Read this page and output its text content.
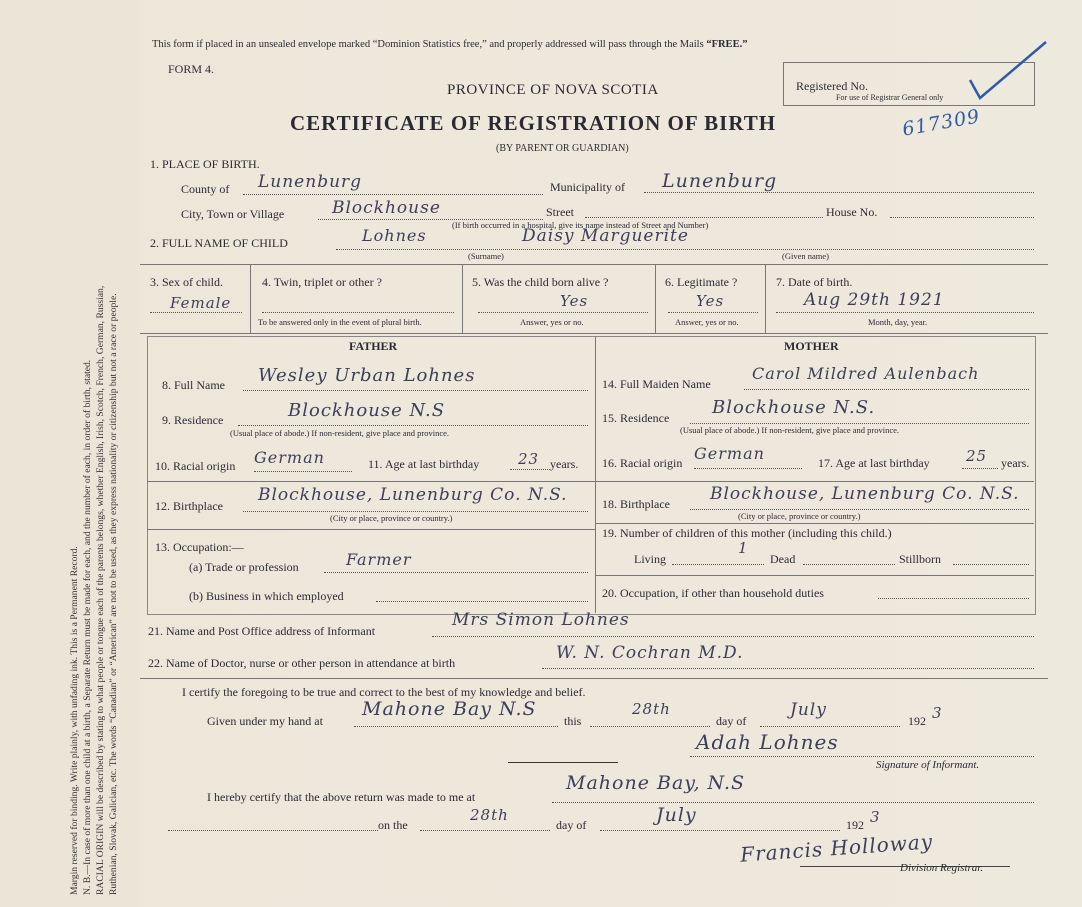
Margin reserved for binding. Write plainly, with unfading ink. This is a Permanent Record. N. B.—In case of more than one child at a birth, a Separate Return must be made for each, and the number of each, in order of birth, stated. RACIAL ORIGIN will be described by stating to what people or tongue each of the parents belongs, whether English, Irish, Scotch, French, German, Russian, Ruthenian, Slovak, Galician, etc. The words “Canadian” or “American” are not to be used, as they express nationality or citizenship but not a race or people.

This form if placed in an unsealed envelope marked “Dominion Statistics free,” and properly addressed will pass through the Mails “FREE.”
FORM 4.
PROVINCE OF NOVA SCOTIA
CERTIFICATE OF REGISTRATION OF BIRTH
(BY PARENT OR GUARDIAN)
Registered No.
For use of Registrar General only
617309
1. PLACE OF BIRTH.
County of Lunenburg	Municipality of Lunenburg
City, Town or Village	Blockhouse	Street	House No.
(If birth occurred in a hospital, give its name instead of Street and Number)
2. FULL NAME OF CHILD	Lohnes	Daisy Marguerite
(Surname)	(Given name)
3. Sex of child.
Female
4. Twin, triplet or other ?
To be answered only in the event of plural birth.
5. Was the child born alive ?
Yes
Answer, yes or no.
6. Legitimate ?
Yes
Answer, yes or no.
7. Date of birth.
Aug 29th 1921
Month, day, year.
FATHER	MOTHER
8. Full Name Wesley Urban Lohnes
9. Residence	Blockhouse N.S
(Usual place of abode.) If non-resident, give place and province.
10. Racial origin German	11. Age at last birthday	23 years.
12. Birthplace
Blockhouse, Lunenburg Co. N.S.
(City or place, province or country.)
13. Occupation:—
(a) Trade or profession	Farmer
(b) Business in which employed
14. Full Maiden Name
Carol Mildred Aulenbach
15. Residence Blockhouse N.S.
(Usual place of abode.) If non-resident, give place and province.
16. Racial origin German	17. Age at last birthday 25 years.
18. Birthplace Blockhouse, Lunenburg Co. N.S.
(City or place, province or country.)
19. Number of children of this mother (including this child.)
Living
1
Dead	Stillborn
20. Occupation, if other than household duties
21. Name and Post Office address of Informant
Mrs Simon Lohnes
22. Name of Doctor, nurse or other person in attendance at birth	W. N. Cochran M.D.
I certify the foregoing to be true and correct to the best of my knowledge and belief.
Given under my hand at
Mahone Bay N.S
this
28th
day of
July
192 3
Adah Lohnes
Signature of Informant.
I hereby certify that the above return was made to me at
Mahone Bay, N.S
on the
28th
day of	July	192 3
Francis Holloway
Division Registrar.
